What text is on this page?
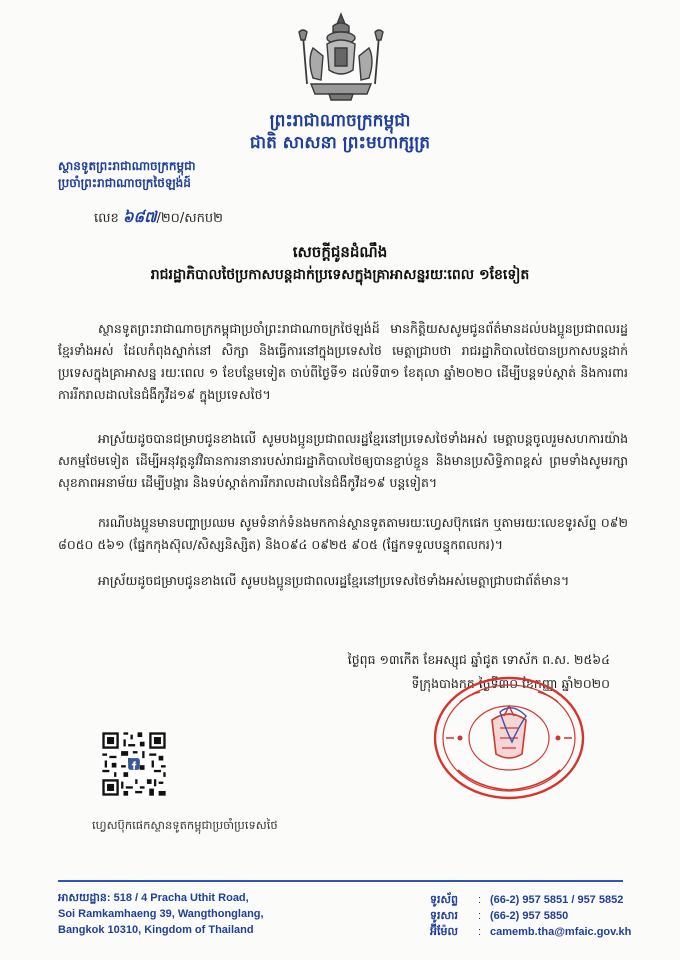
ព្រះរាជាណាចក្រកម្ពុជា
ជាតិ សាសនា ព្រះមហាក្សត្រ
ស្ថានទូតព្រះរាជាណាចក្រកម្ពុជា
ប្រចាំព្រះរាជាណាចក្រថៃឡង់ដ៍
លេខ ៦៨៧/២០/សកប២
សេចក្តីជូនដំណឹង
រាជរដ្ឋាភិបាលថៃប្រកាសបន្តដាក់ប្រទេសក្នុងគ្រាអាសន្នរយៈពេល ១ខែទៀត

ស្ថានទូតព្រះរាជាណាចក្រកម្ពុជាប្រចាំព្រះរាជាណាចក្រថៃឡង់ដ៍ មានកិត្តិយសសូមជូនព័ត៌មានដល់បងប្អូនប្រជាពលរដ្ឋខ្មែរទាំងអស់ ដែលកំពុងស្នាក់នៅ សិក្សា និងធ្វើការនៅក្នុងប្រទេសថៃ មេត្តាជ្រាបថា រាជរដ្ឋាភិបាលថៃបានប្រកាសបន្តដាក់ប្រទេសក្នុងគ្រាអាសន្ន រយៈពេល ១ ខែបន្ថែមទៀត ចាប់ពីថ្ងៃទី១ ដល់ទី៣១ ខែតុលា ឆ្នាំ២០២០ ដើម្បីបន្តទប់ស្កាត់ និងការពារការរីករាលដាលនៃជំងឺកូវីដ១៩ ក្នុងប្រទេសថៃ។

អាស្រ័យដូចបានជម្រាបជូនខាងលើ សូមបងប្អូនប្រជាពលរដ្ឋខ្មែរនៅប្រទេសថៃទាំងអស់ មេត្តាបន្តចូលរួមសហការយ៉ាងសកម្មថែមទៀត ដើម្បីអនុវត្តនូវវិធានការនានារបស់រាជរដ្ឋាភិបាលថៃឲ្យបានខ្ជាប់ខ្ជួន និងមានប្រសិទ្ធិភាពខ្ពស់ ព្រមទាំងសូមរក្សាសុខភាពអនាម័យ ដើម្បីបង្ការ និងទប់ស្កាត់ការរីករាលដាលនៃជំងឺកូវីដ១៩ បន្តទៀត។

ករណីបងប្អូនមានបញ្ហាប្រឈម សូមទំនាក់ទំនងមកកាន់ស្ថានទូតតាមរយៈហ្វេសប៊ុកផេក ឬតាមរយៈលេខទូរស័ព្ទ ០៩២ ៨០៥០ ៥៦១ (ផ្នែកកុងស៊ុល/សិស្សនិស្សិត) និង០៩៤ ០៩២៥ ៩០៥ (ផ្នែកទទួលបន្ទុកពលករ)។

អាស្រ័យដូចជម្រាបជូនខាងលើ សូមបងប្អូនប្រជាពលរដ្ឋខ្មែរនៅប្រទេសថៃទាំងអស់មេត្តាជ្រាបជាព័ត៌មាន។

ថ្ងៃពុធ ១៣កើត ខែអស្សុជ ឆ្នាំជូត ទោស័ក ព.ស. ២៥៦៤
ទីក្រុងបាងកក ថ្ងៃទី៣០ ខែកញ្ញា ឆ្នាំ២០២០
ហ្វេសប៊ុកផេកស្ថានទូតកម្ពុជាប្រចាំប្រទេសថៃ
អាសយដ្ឋាន: 518 / 4 Pracha Uthit Road,
Soi Ramkamhaeng 39, Wangthonglang,
Bangkok 10310, Kingdom of Thailand
ទូរស័ព្ទ	: (66-2) 957 5851 / 957 5852
ទូរសារ	: (66-2) 957 5850
អ៊ីម៉ែល	: camemb.tha@mfaic.gov.kh
